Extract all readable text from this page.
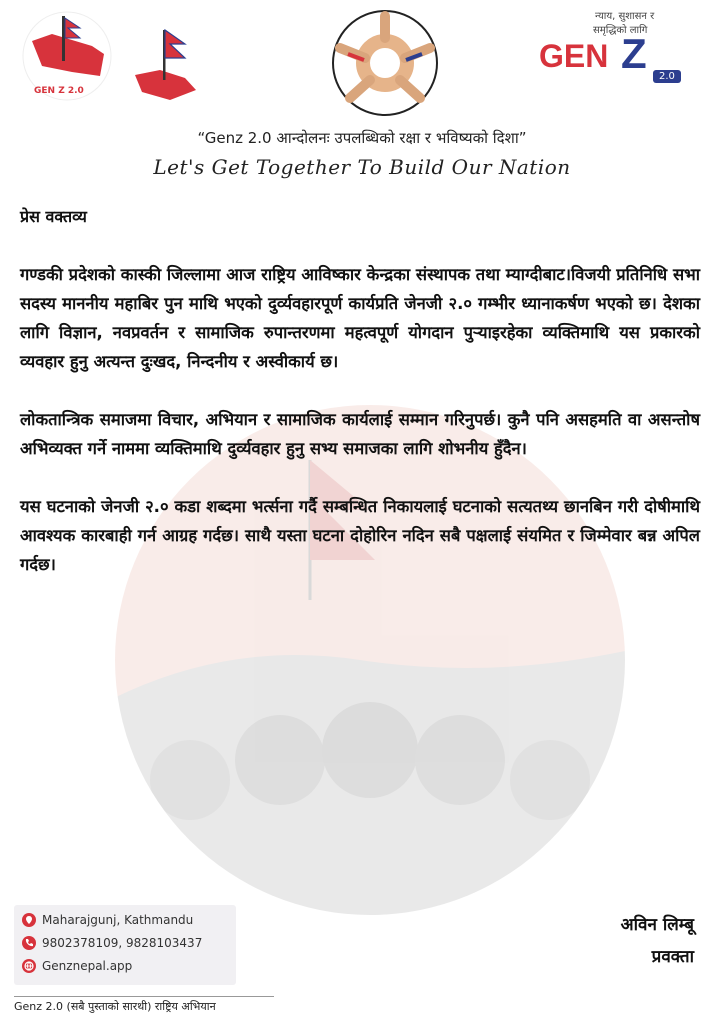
GEN Z 2.0
न्याय, सुशासन र
समृद्धिको लागि
GEN Z	2.0
“Genz 2.0 आन्दोलनः उपलब्धिको रक्षा र भविष्यको दिशा”
Let's Get Together To Build Our Nation
प्रेस वक्तव्य

गण्डकी प्रदेशको कास्की जिल्लामा आज राष्ट्रिय आविष्कार केन्द्रका संस्थापक तथा म्याग्दीबाट।विजयी प्रतिनिधि सभा सदस्य माननीय महाबिर पुन माथि भएको दुर्व्यवहारपूर्ण कार्यप्रति जेनजी २.० गम्भीर ध्यानाकर्षण भएको छ। देशका लागि विज्ञान, नवप्रवर्तन र सामाजिक रुपान्तरणमा महत्वपूर्ण योगदान पुर्‍याइरहेका व्यक्तिमाथि यस प्रकारको व्यवहार हुनु अत्यन्त दुःखद, निन्दनीय र अस्वीकार्य छ।

लोकतान्त्रिक समाजमा विचार, अभियान र सामाजिक कार्यलाई सम्मान गरिनुपर्छ। कुनै पनि असहमति वा असन्तोष अभिव्यक्त गर्ने नाममा व्यक्तिमाथि दुर्व्यवहार हुनु सभ्य समाजका लागि शोभनीय हुँदैन।

यस घटनाको जेनजी २.० कडा शब्दमा भर्त्सना गर्दै सम्बन्धित निकायलाई घटनाको सत्यतथ्य छानबिन गरी दोषीमाथि आवश्यक कारबाही गर्न आग्रह गर्दछ। साथै यस्ता घटना दोहोरिन नदिन सबै पक्षलाई संयमित र जिम्मेवार बन्न अपिल गर्दछ।

अविन लिम्बू
प्रवक्ता
Maharajgunj, Kathmandu
9802378109, 9828103437
Genznepal.app
Genz 2.0 (सबै पुस्ताको सारथी) राष्ट्रिय अभियान
